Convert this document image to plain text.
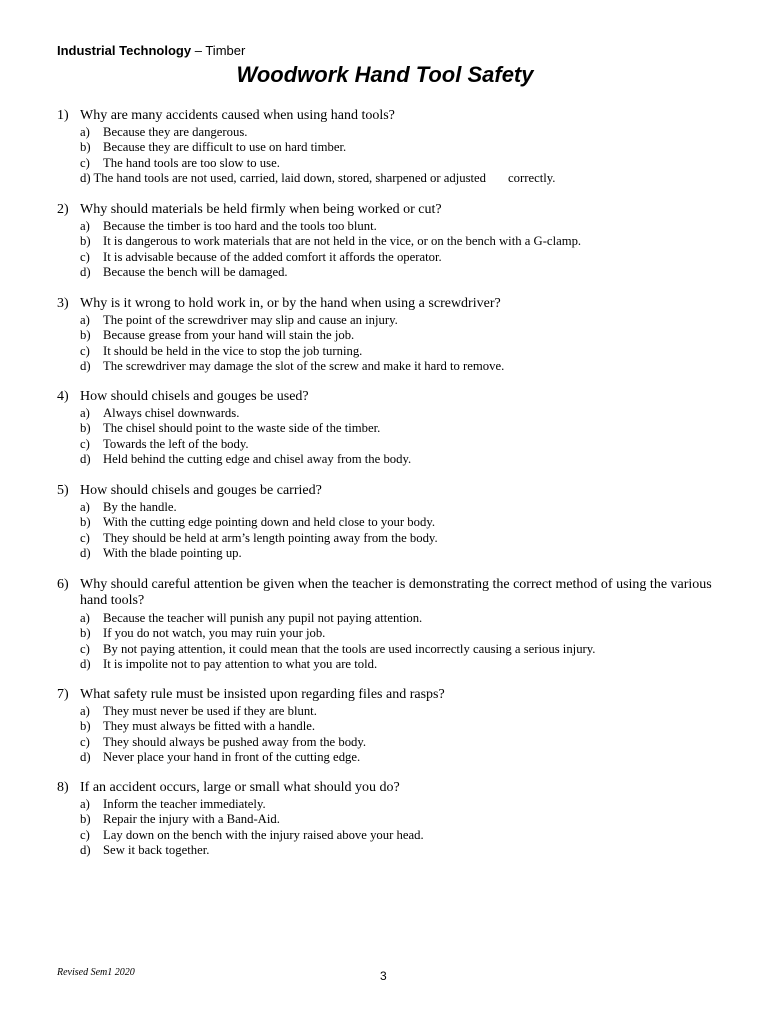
Industrial Technology – Timber
Woodwork Hand Tool Safety
1) Why are many accidents caused when using hand tools?
a) Because they are dangerous.
b) Because they are difficult to use on hard timber.
c) The hand tools are too slow to use.
d) The hand tools are not used, carried, laid down, stored, sharpened or adjusted correctly.
2) Why should materials be held firmly when being worked or cut?
a) Because the timber is too hard and the tools too blunt.
b) It is dangerous to work materials that are not held in the vice, or on the bench with a G-clamp.
c) It is advisable because of the added comfort it affords the operator.
d) Because the bench will be damaged.
3) Why is it wrong to hold work in, or by the hand when using a screwdriver?
a) The point of the screwdriver may slip and cause an injury.
b) Because grease from your hand will stain the job.
c) It should be held in the vice to stop the job turning.
d) The screwdriver may damage the slot of the screw and make it hard to remove.
4) How should chisels and gouges be used?
a) Always chisel downwards.
b) The chisel should point to the waste side of the timber.
c) Towards the left of the body.
d) Held behind the cutting edge and chisel away from the body.
5) How should chisels and gouges be carried?
a) By the handle.
b) With the cutting edge pointing down and held close to your body.
c) They should be held at arm’s length pointing away from the body.
d) With the blade pointing up.
6) Why should careful attention be given when the teacher is demonstrating the correct method of using the various hand tools?
a) Because the teacher will punish any pupil not paying attention.
b) If you do not watch, you may ruin your job.
c) By not paying attention, it could mean that the tools are used incorrectly causing a serious injury.
d) It is impolite not to pay attention to what you are told.
7) What safety rule must be insisted upon regarding files and rasps?
a) They must never be used if they are blunt.
b) They must always be fitted with a handle.
c) They should always be pushed away from the body.
d) Never place your hand in front of the cutting edge.
8) If an accident occurs, large or small what should you do?
a) Inform the teacher immediately.
b) Repair the injury with a Band-Aid.
c) Lay down on the bench with the injury raised above your head.
d) Sew it back together.
Revised Sem1 2020	3
